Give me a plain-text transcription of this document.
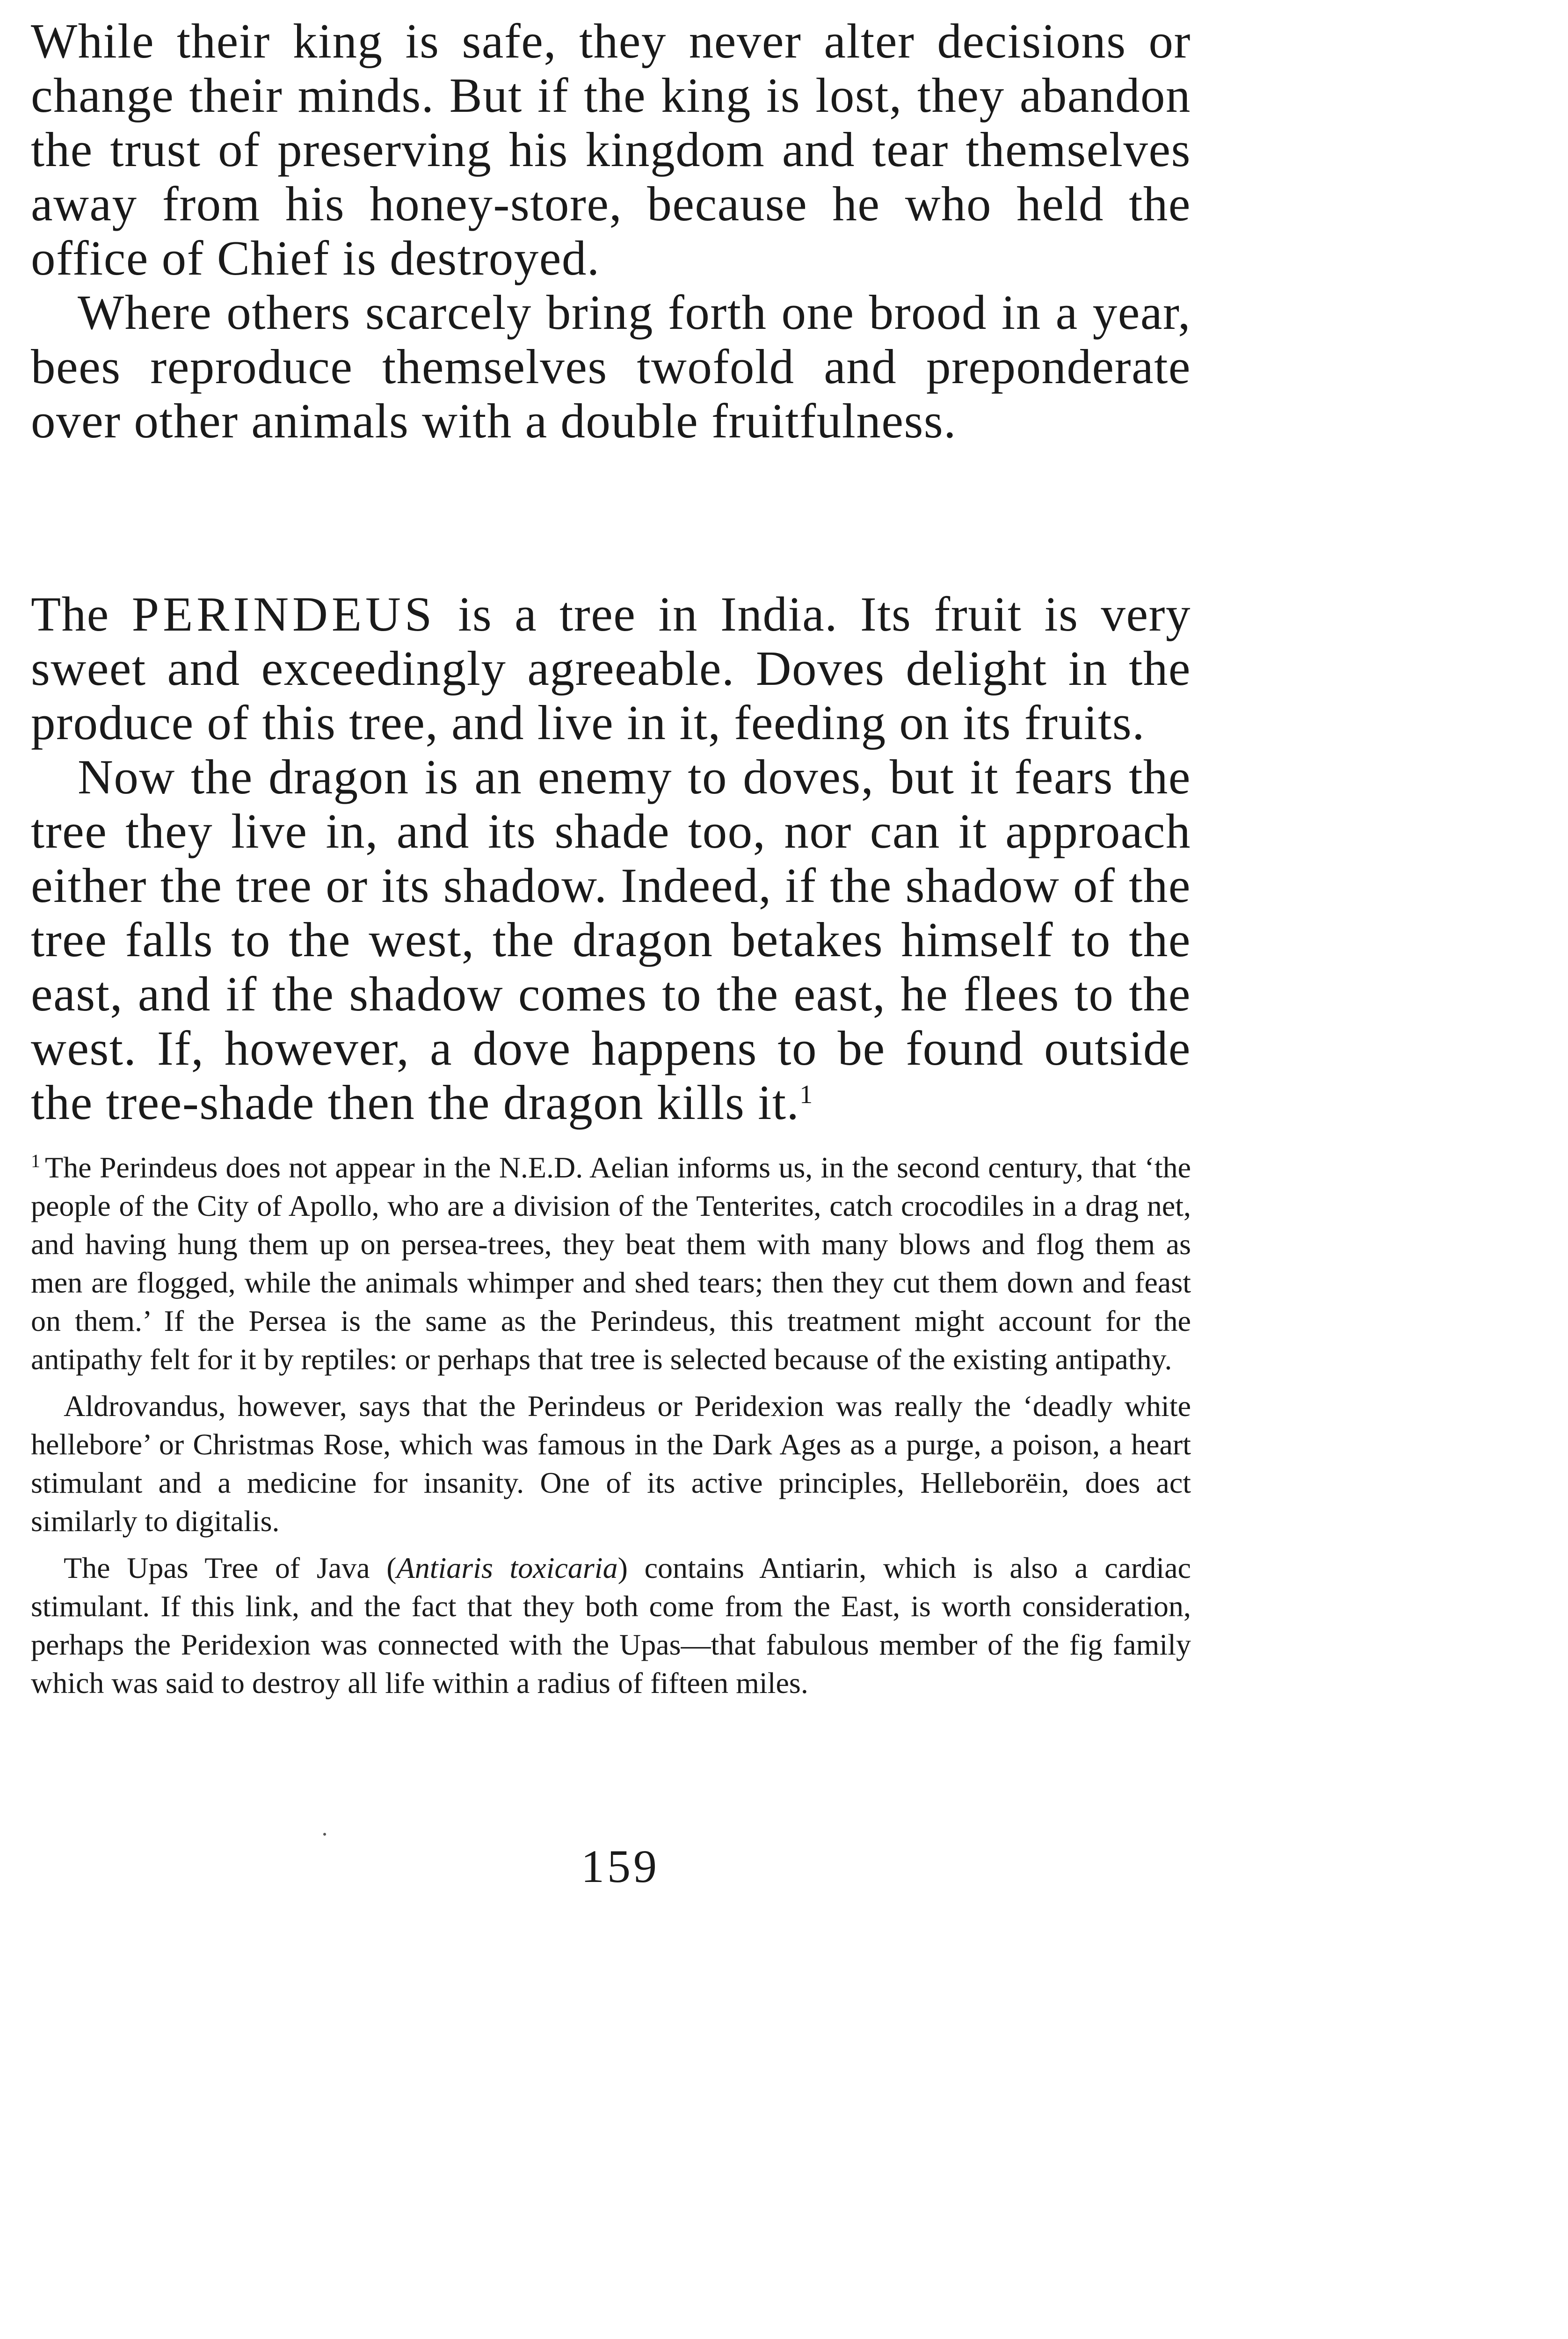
While their king is safe, they never alter decisions or change their minds. But if the king is lost, they abandon the trust of preserving his kingdom and tear themselves away from his honey-store, because he who held the office of Chief is destroyed.

Where others scarcely bring forth one brood in a year, bees reproduce themselves twofold and preponderate over other animals with a double fruitfulness.

The PERINDEUS is a tree in India. Its fruit is very sweet and exceedingly agreeable. Doves delight in the produce of this tree, and live in it, feeding on its fruits.

Now the dragon is an enemy to doves, but it fears the tree they live in, and its shade too, nor can it approach either the tree or its shadow. Indeed, if the shadow of the tree falls to the west, the dragon betakes himself to the east, and if the shadow comes to the east, he flees to the west. If, however, a dove happens to be found outside the tree-shade then the dragon kills it.$^1$

$^1$ The Perindeus does not appear in the N.E.D. Aelian informs us, in the second century, that ‘the people of the City of Apollo, who are a division of the Tenterites, catch crocodiles in a drag net, and having hung them up on persea-trees, they beat them with many blows and flog them as men are flogged, while the animals whimper and shed tears; then they cut them down and feast on them.’ If the Persea is the same as the Perindeus, this treatment might account for the antipathy felt for it by reptiles: or perhaps that tree is selected because of the existing antipathy.

Aldrovandus, however, says that the Perindeus or Peridexion was really the ‘deadly white hellebore’ or Christmas Rose, which was famous in the Dark Ages as a purge, a poison, a heart stimulant and a medicine for insanity. One of its active principles, Helleborëin, does act similarly to digitalis.

The Upas Tree of Java (Antiaris toxicaria) contains Antiarin, which is also a cardiac stimulant. If this link, and the fact that they both come from the East, is worth consideration, perhaps the Peridexion was connected with the Upas—that fabulous member of the fig family which was said to destroy all life within a radius of fifteen miles.

159
